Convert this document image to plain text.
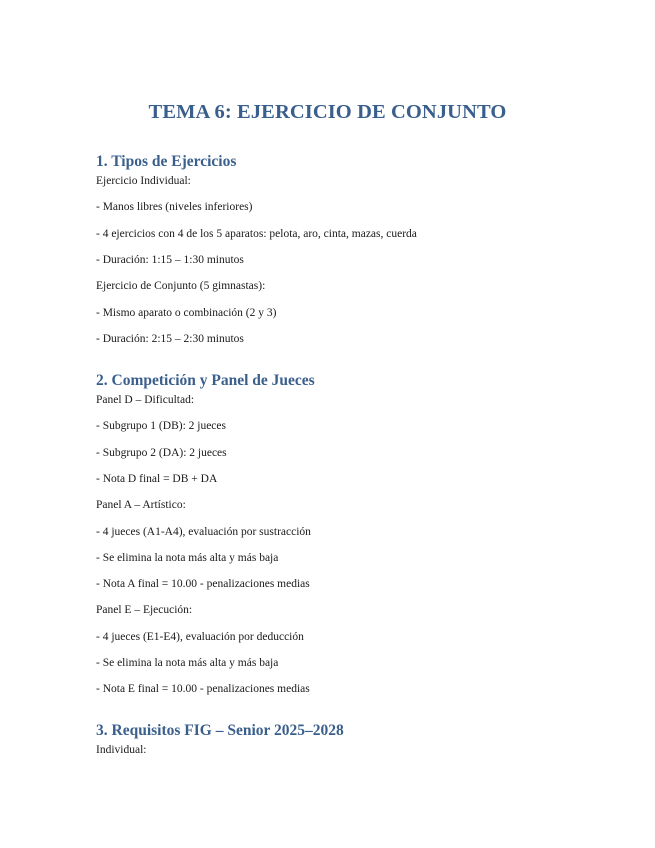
TEMA 6: EJERCICIO DE CONJUNTO
1. Tipos de Ejercicios

Ejercicio Individual:

- Manos libres (niveles inferiores)

- 4 ejercicios con 4 de los 5 aparatos: pelota, aro, cinta, mazas, cuerda

- Duración: 1:15 – 1:30 minutos

Ejercicio de Conjunto (5 gimnastas):

- Mismo aparato o combinación (2 y 3)

- Duración: 2:15 – 2:30 minutos

2. Competición y Panel de Jueces

Panel D – Dificultad:

- Subgrupo 1 (DB): 2 jueces

- Subgrupo 2 (DA): 2 jueces

- Nota D final = DB + DA

Panel A – Artístico:

- 4 jueces (A1-A4), evaluación por sustracción

- Se elimina la nota más alta y más baja

- Nota A final = 10.00 - penalizaciones medias

Panel E – Ejecución:

- 4 jueces (E1-E4), evaluación por deducción

- Se elimina la nota más alta y más baja

- Nota E final = 10.00 - penalizaciones medias

3. Requisitos FIG – Senior 2025–2028

Individual:
